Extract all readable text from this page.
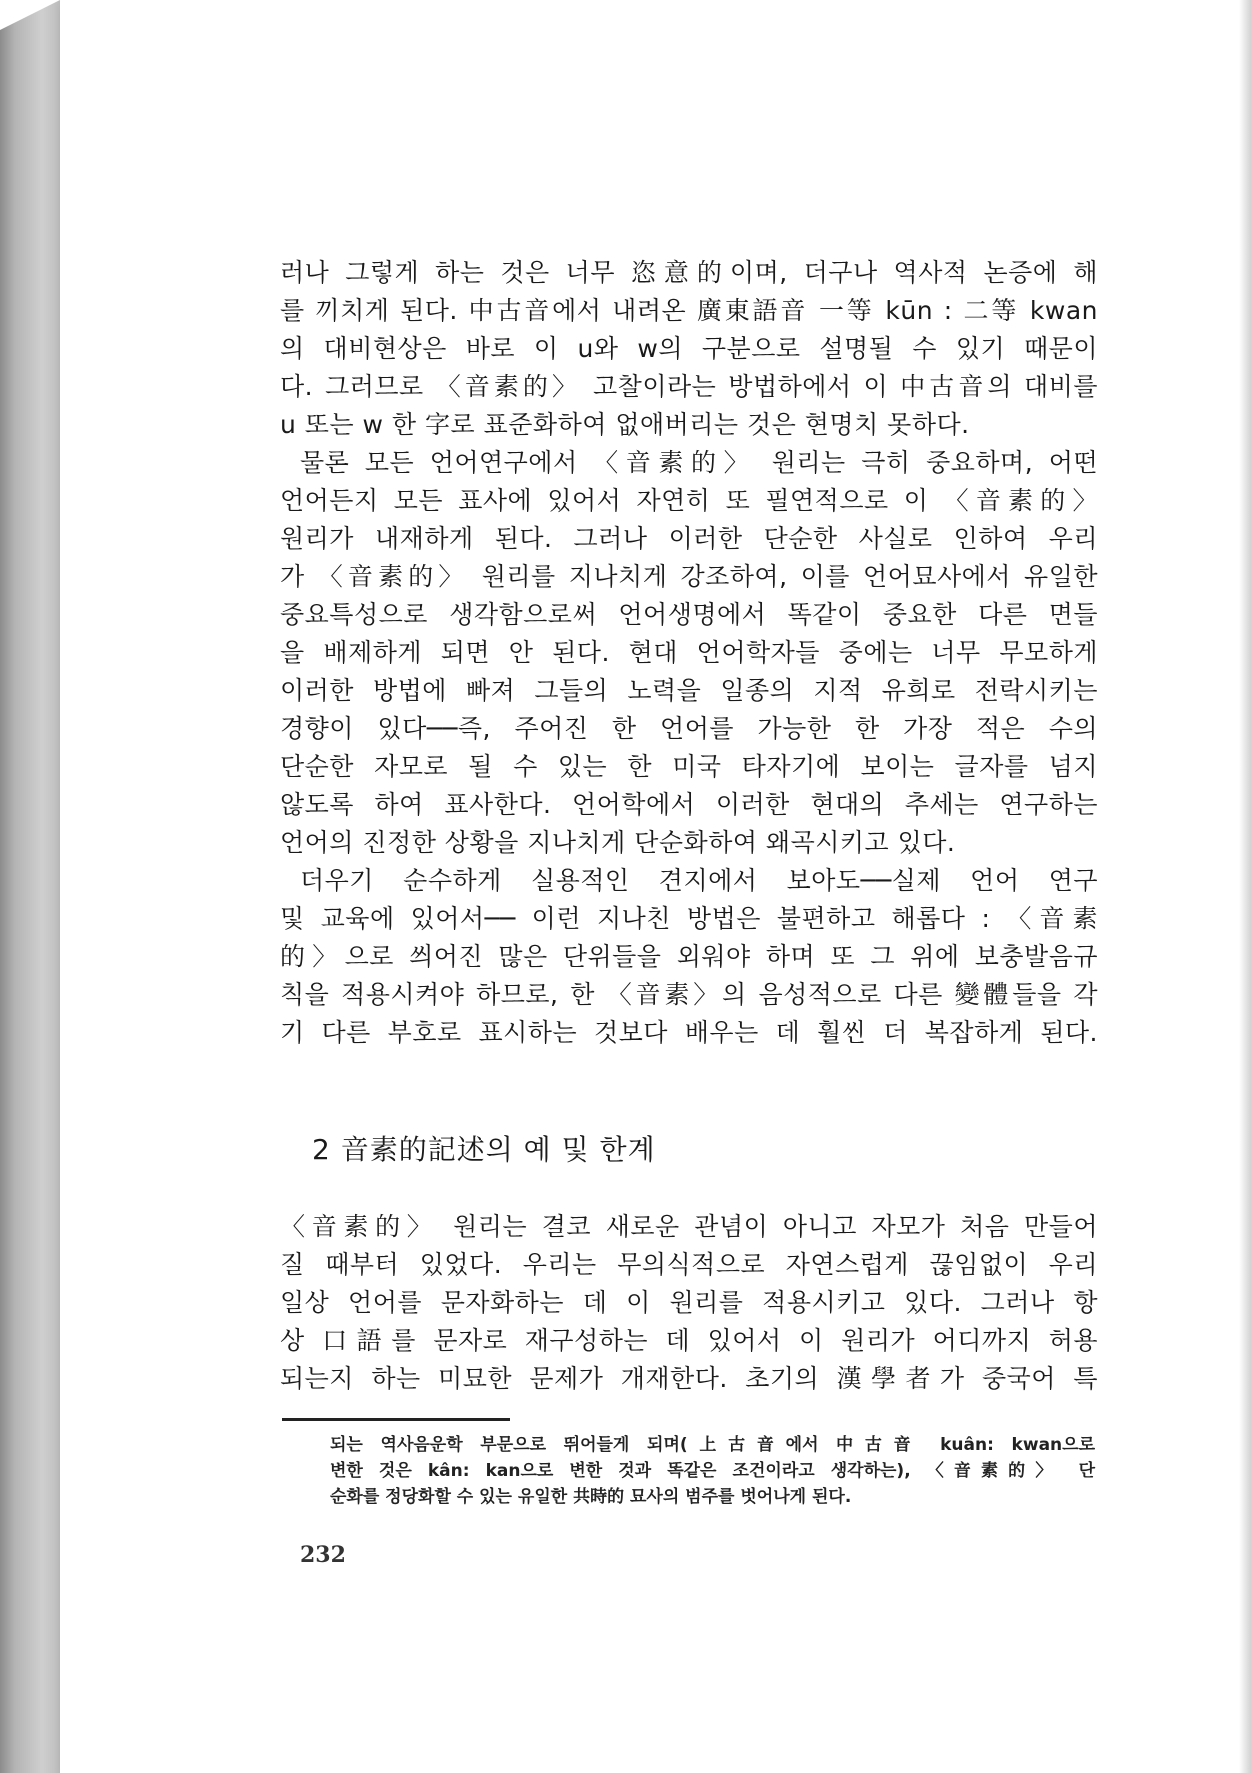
러나 그렇게 하는 것은 너무 恣意的이며, 더구나 역사적 논증에 해
를 끼치게 된다. 中古音에서 내려온 廣東語音 一等 kūn : 二等 kwan
의 대비현상은 바로 이 u와 w의 구분으로 설명될 수 있기 때문이
다. 그러므로 〈音素的〉 고찰이라는 방법하에서 이 中古音의 대비를
u 또는 w 한 字로 표준화하여 없애버리는 것은 현명치 못하다.
물론 모든 언어연구에서 〈音素的〉 원리는 극히 중요하며, 어떤
언어든지 모든 표사에 있어서 자연히 또 필연적으로 이 〈音素的〉
원리가 내재하게 된다. 그러나 이러한 단순한 사실로 인하여 우리
가 〈音素的〉 원리를 지나치게 강조하여, 이를 언어묘사에서 유일한
중요특성으로 생각함으로써 언어생명에서 똑같이 중요한 다른 면들
을 배제하게 되면 안 된다. 현대 언어학자들 중에는 너무 무모하게
이러한 방법에 빠져 그들의 노력을 일종의 지적 유희로 전락시키는
경향이 있다──즉, 주어진 한 언어를 가능한 한 가장 적은 수의
단순한 자모로 될 수 있는 한 미국 타자기에 보이는 글자를 넘지
않도록 하여 표사한다. 언어학에서 이러한 현대의 추세는 연구하는
언어의 진정한 상황을 지나치게 단순화하여 왜곡시키고 있다.
더우기 순수하게 실용적인 견지에서 보아도──실제 언어 연구
및 교육에 있어서── 이런 지나친 방법은 불편하고 해롭다 : 〈音素
的〉으로 씌어진 많은 단위들을 외워야 하며 또 그 위에 보충발음규
칙을 적용시켜야 하므로, 한 〈音素〉의 음성적으로 다른 變體들을 각
기 다른 부호로 표시하는 것보다 배우는 데 훨씬 더 복잡하게 된다.
2 音素的記述의 예 및 한계
〈音素的〉 원리는 결코 새로운 관념이 아니고 자모가 처음 만들어
질 때부터 있었다. 우리는 무의식적으로 자연스럽게 끊임없이 우리
일상 언어를 문자화하는 데 이 원리를 적용시키고 있다. 그러나 항
상 口語를 문자로 재구성하는 데 있어서 이 원리가 어디까지 허용
되는지 하는 미묘한 문제가 개재한다. 초기의 漢學者가 중국어 특
되는 역사음운학 부문으로 뛰어들게 되며(上古音에서 中古音 kuân: kwan으로
변한 것은 kân: kan으로 변한 것과 똑같은 조건이라고 생각하는), 〈音素的〉 단
순화를 정당화할 수 있는 유일한 共時的 묘사의 범주를 벗어나게 된다.
232
